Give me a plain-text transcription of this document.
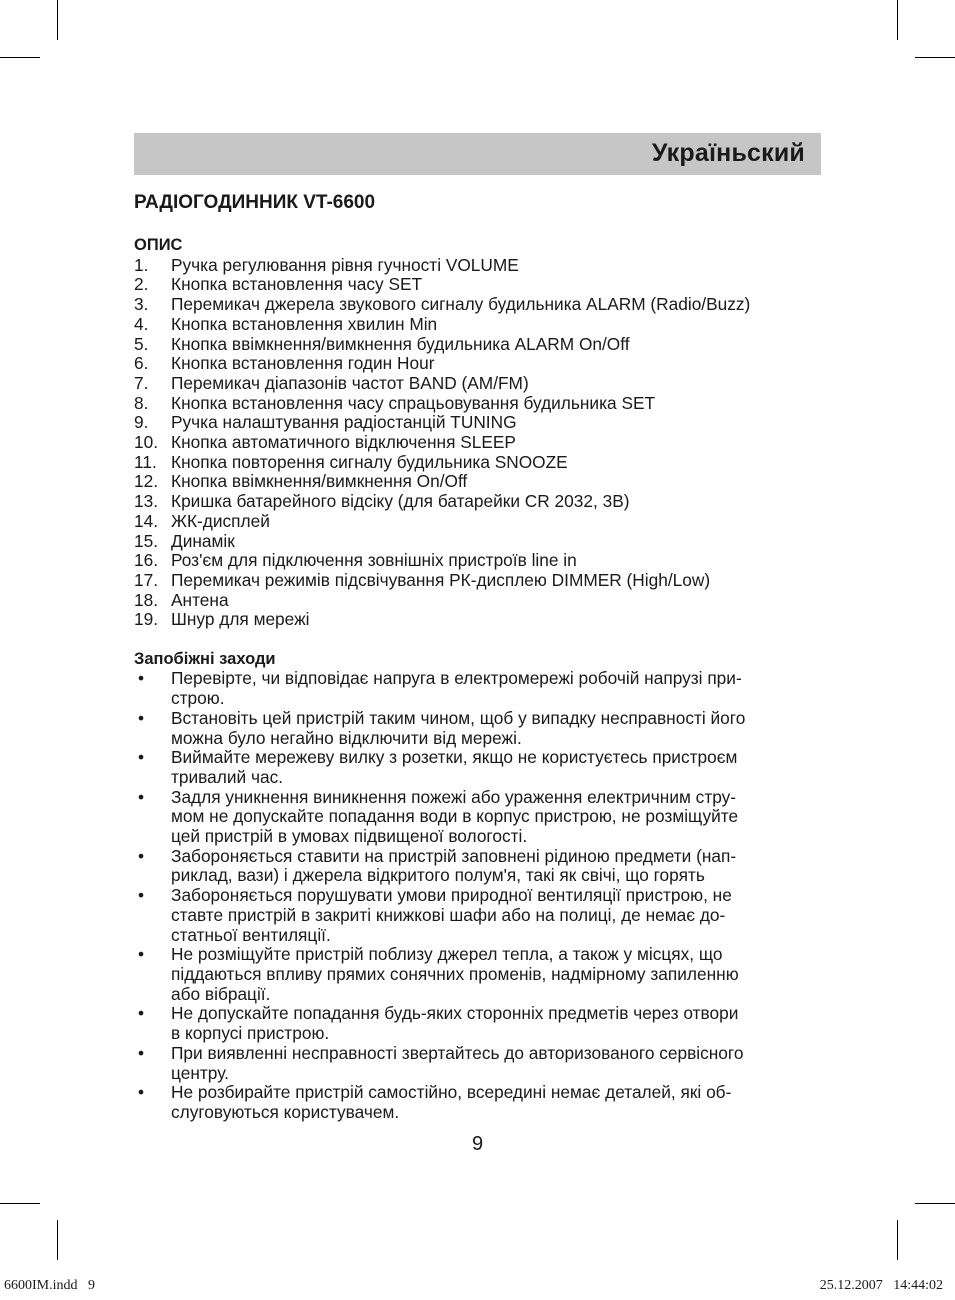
Україньский
РАДІОГОДИННИК VT-6600
ОПИС
1. Ручка регулювання рівня гучності VOLUME
2. Кнопка встановлення часу SET
3. Перемикач джерела звукового сигналу будильника ALARM (Radio/Buzz)
4. Кнопка встановлення хвилин Min
5. Кнопка ввімкнення/вимкнення будильника ALARM On/Off
6. Кнопка встановлення годин Hour
7. Перемикач діапазонів частот BAND (AM/FM)
8. Кнопка встановлення часу спрацьовування будильника SET
9. Ручка налаштування радіостанцій TUNING
10. Кнопка автоматичного відключення SLEEP
11. Кнопка повторення сигналу будильника SNOOZE
12. Кнопка ввімкнення/вимкнення On/Off
13. Кришка батарейного відсіку (для батарейки CR 2032, 3В)
14. ЖК-дисплей
15. Динамік
16. Роз'єм для підключення зовнішніх пристроїв line in
17. Перемикач режимів підсвічування РК-дисплею DIMMER (High/Low)
18. Антена
19. Шнур для мережі
Запобіжні заходи
• Перевірте, чи відповідає напруга в електромережі робочій напрузі при-
строю.
• Встановіть цей пристрій таким чином, щоб у випадку несправності його
можна було негайно відключити від мережі.
• Виймайте мережеву вилку з розетки, якщо не користуєтесь пристроєм
тривалий час.
• Задля уникнення виникнення пожежі або ураження електричним стру-
мом не допускайте попадання води в корпус пристрою, не розміщуйте
цей пристрій в умовах підвищеної вологості.
• Забороняється ставити на пристрій заповнені рідиною предмети (нап-
риклад, вази) і джерела відкритого полум'я, такі як свічі, що горять
• Забороняється порушувати умови природної вентиляції пристрою, не
ставте пристрій в закриті книжкові шафи або на полиці, де немає до-
статньої вентиляції.
• Не розміщуйте пристрій поблизу джерел тепла, а також у місцях, що
піддаються впливу прямих сонячних променів, надмірному запиленню
або вібрації.
• Не допускайте попадання будь-яких сторонніх предметів через отвори
в корпусі пристрою.
• При виявленні несправності звертайтесь до авторизованого сервісного
центру.
• Не розбирайте пристрій самостійно, всередині немає деталей, які об-
слуговуються користувачем.
9
6600IM.indd   9	25.12.2007   14:44:02
